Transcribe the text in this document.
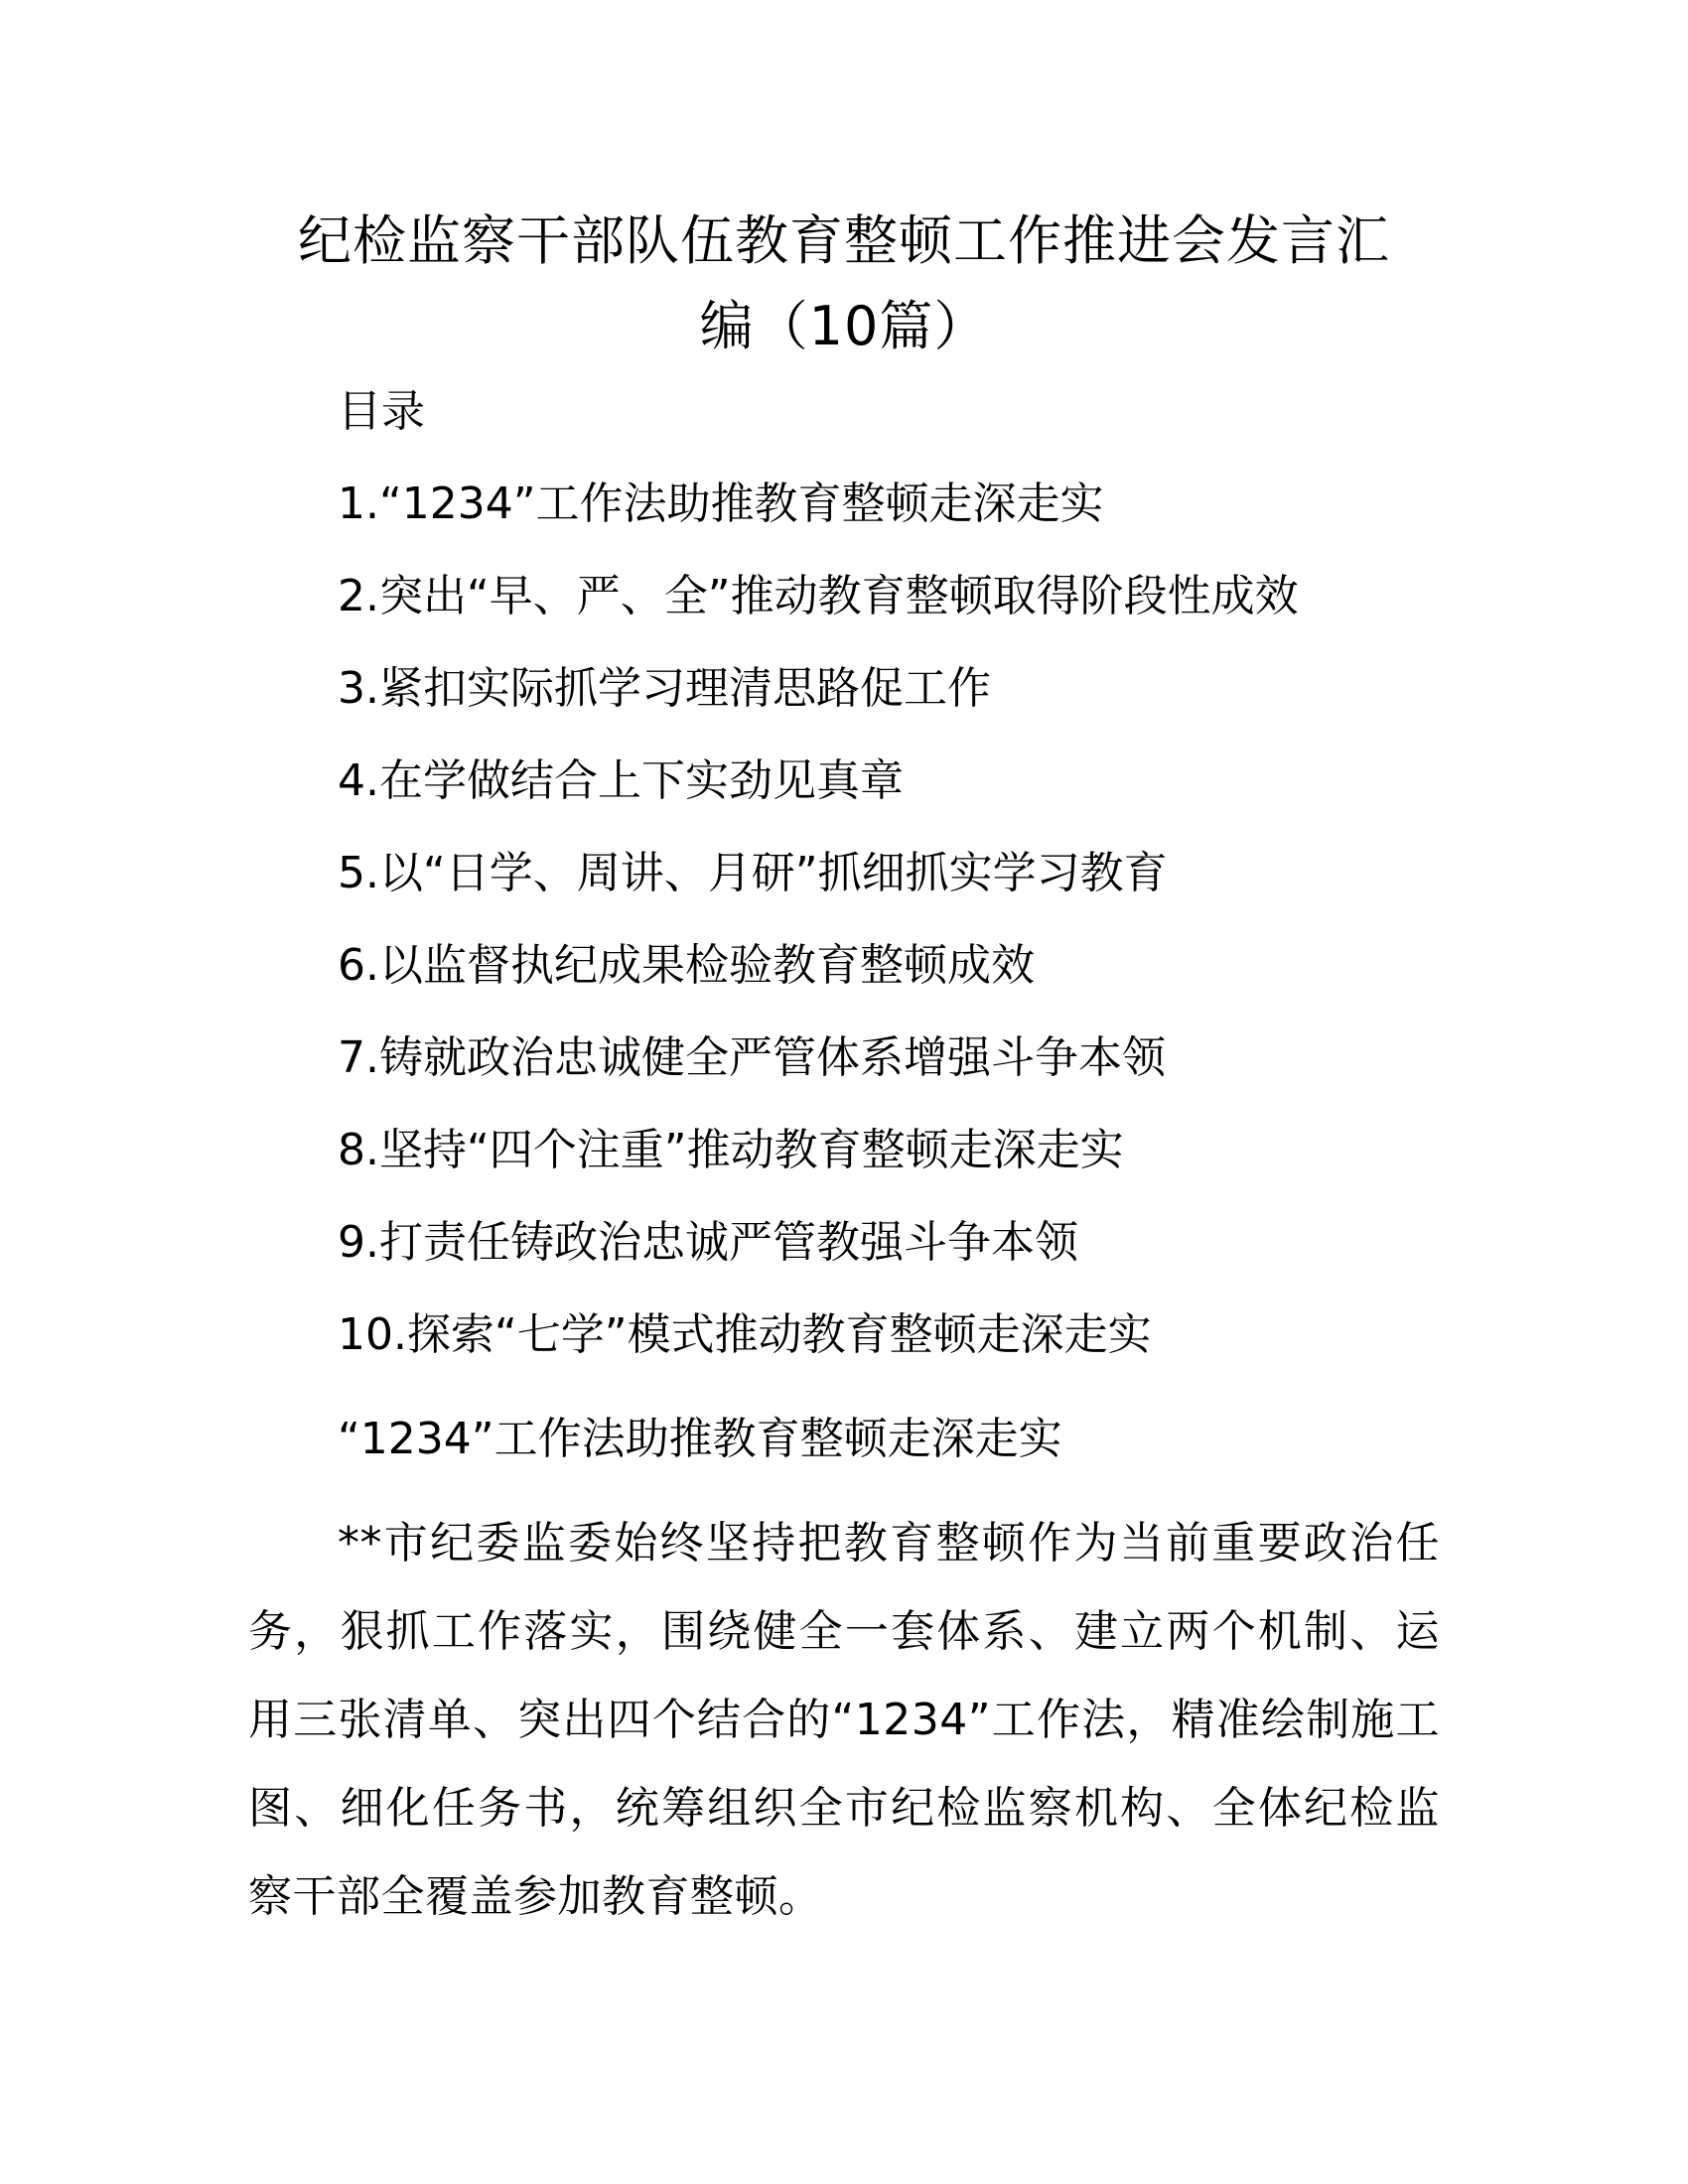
纪检监察干部队伍教育整顿工作推进会发言汇
编（10篇）
目录

1.“1234”工作法助推教育整顿走深走实

2.突出“早、严、全”推动教育整顿取得阶段性成效

3.紧扣实际抓学习理清思路促工作

4.在学做结合上下实劲见真章

5.以“日学、周讲、月研”抓细抓实学习教育

6.以监督执纪成果检验教育整顿成效

7.铸就政治忠诚健全严管体系增强斗争本领

8.坚持“四个注重”推动教育整顿走深走实

9.打责任铸政治忠诚严管教强斗争本领

10.探索“七学”模式推动教育整顿走深走实

“1234”工作法助推教育整顿走深走实

**市纪委监委始终坚持把教育整顿作为当前重要政治任务，狠抓工作落实，围绕健全一套体系、建立两个机制、运用三张清单、突出四个结合的“1234”工作法，精准绘制施工图、细化任务书，统筹组织全市纪检监察机构、全体纪检监察干部全覆盖参加教育整顿。
